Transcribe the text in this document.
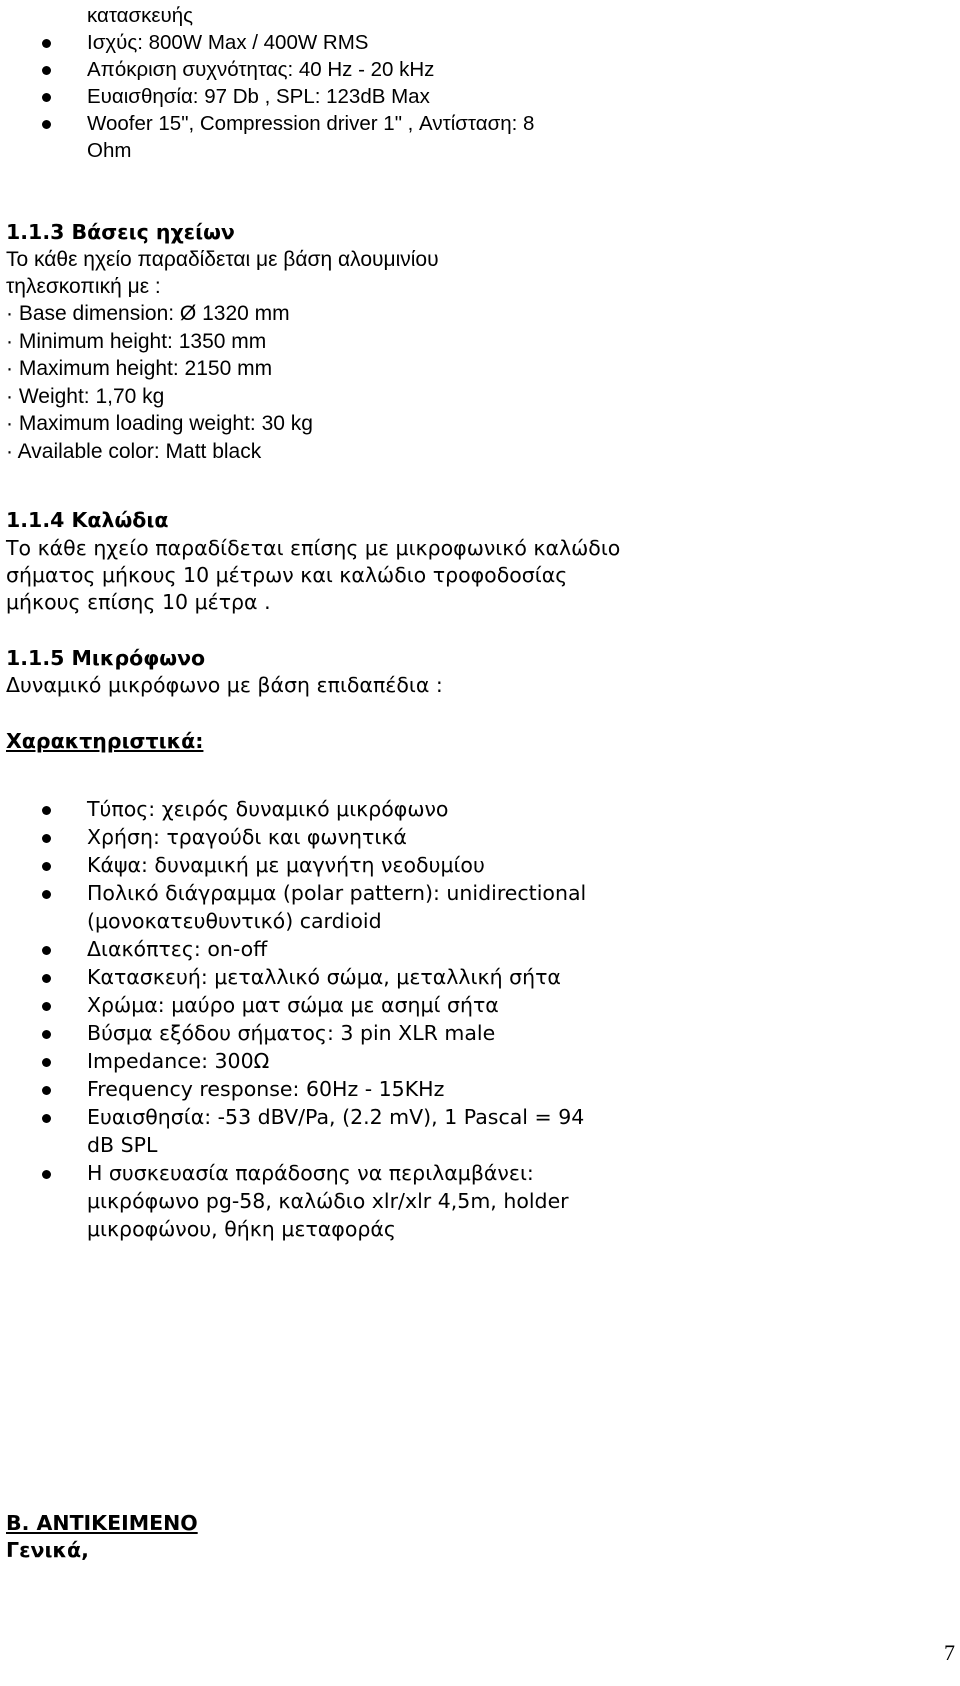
κατασκευής
Ισχύς: 800W Max / 400W RMS
Απόκριση συχνότητας: 40 Hz - 20 kHz
Ευαισθησία: 97 Db , SPL: 123dB Max
Woofer 15", Compression driver 1" , Αντίσταση: 8
Ohm
1.1.3 Βάσεις ηχείων
Το κάθε ηχείο παραδίδεται με βάση αλουμινίου
τηλεσκοπική με :
· Base dimension: Ø 1320 mm
· Minimum height: 1350 mm
· Maximum height: 2150 mm
· Weight: 1,70 kg
· Maximum loading weight: 30 kg
· Available color: Matt black
1.1.4 Καλώδια
Το κάθε ηχείο παραδίδεται επίσης με μικροφωνικό καλώδιο
σήματος μήκους 10 μέτρων και καλώδιο τροφοδοσίας
μήκους επίσης 10 μέτρα .
1.1.5 Μικρόφωνο
Δυναμικό μικρόφωνο με βάση επιδαπέδια :
Χαρακτηριστικά:
Τύπος: χειρός δυναμικό μικρόφωνο
Χρήση: τραγούδι και φωνητικά
Κάψα: δυναμική με μαγνήτη νεοδυμίου
Πολικό διάγραμμα (polar pattern): unidirectional
(μονοκατευθυντικό) cardioid
Διακόπτες: on-off
Κατασκευή: μεταλλικό σώμα, μεταλλική σήτα
Χρώμα: μαύρο ματ σώμα με ασημί σήτα
Βύσμα εξόδου σήματος: 3 pin XLR male
Impedance: 300Ω
Frequency response: 60Hz - 15KHz
Ευαισθησία: -53 dBV/Pa, (2.2 mV), 1 Pascal = 94
dB SPL
Η συσκευασία παράδοσης να περιλαμβάνει:
μικρόφωνο pg-58, καλώδιο xlr/xlr 4,5m, holder
μικροφώνου, θήκη μεταφοράς
Β. ΑΝΤΙΚΕΙΜΕΝΟ
Γενικά,
7
